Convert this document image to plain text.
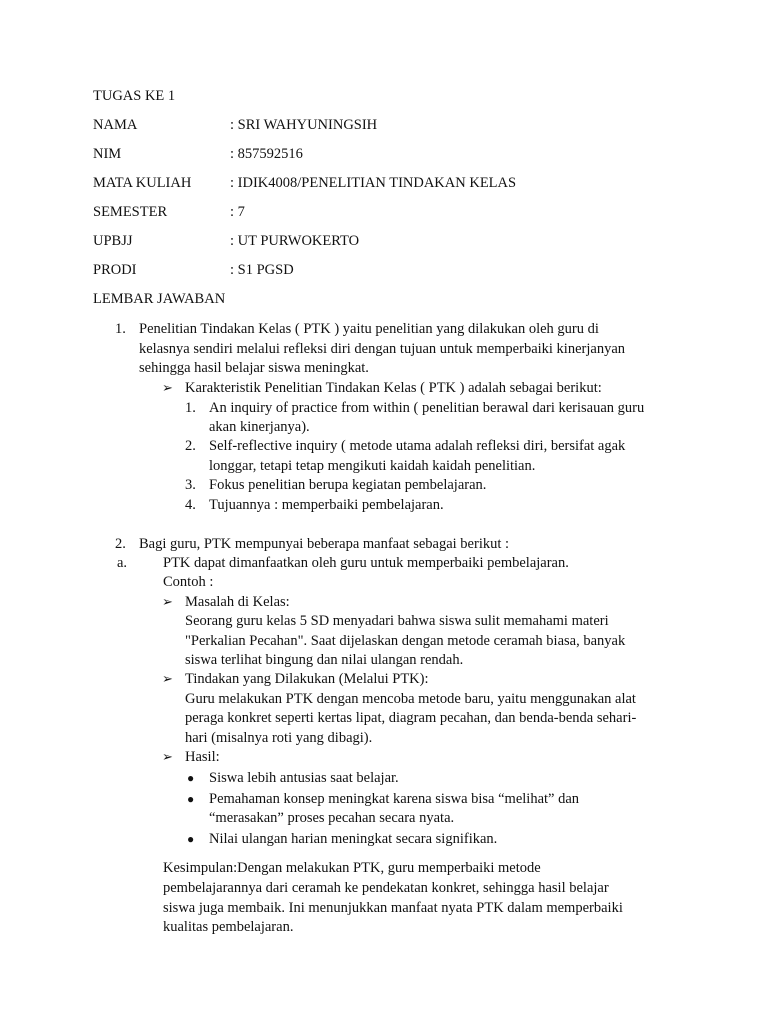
TUGAS KE 1
NAMA	: SRI WAHYUNINGSIH
NIM	: 857592516
MATA KULIAH	: IDIK4008/PENELITIAN TINDAKAN KELAS
SEMESTER	: 7
UPBJJ	: UT PURWOKERTO
PRODI	: S1 PGSD
LEMBAR JAWABAN
1. Penelitian Tindakan Kelas ( PTK ) yaitu penelitian yang dilakukan oleh guru di
kelasnya sendiri melalui refleksi diri dengan tujuan untuk memperbaiki kinerjanyan
sehingga hasil belajar siswa meningkat.
➢ Karakteristik Penelitian Tindakan Kelas ( PTK ) adalah sebagai berikut:
1. An inquiry of practice from within ( penelitian berawal dari kerisauan guru
akan kinerjanya).
2. Self-reflective inquiry ( metode utama adalah refleksi diri, bersifat agak
longgar, tetapi tetap mengikuti kaidah kaidah penelitian.
3. Fokus penelitian berupa kegiatan pembelajaran.
4. Tujuannya : memperbaiki pembelajaran.
2. Bagi guru, PTK mempunyai beberapa manfaat sebagai berikut :
a. PTK dapat dimanfaatkan oleh guru untuk memperbaiki pembelajaran.
Contoh :
➢ Masalah di Kelas:
Seorang guru kelas 5 SD menyadari bahwa siswa sulit memahami materi
"Perkalian Pecahan". Saat dijelaskan dengan metode ceramah biasa, banyak
siswa terlihat bingung dan nilai ulangan rendah.
➢ Tindakan yang Dilakukan (Melalui PTK):
Guru melakukan PTK dengan mencoba metode baru, yaitu menggunakan alat
peraga konkret seperti kertas lipat, diagram pecahan, dan benda-benda sehari-
hari (misalnya roti yang dibagi).
➢ Hasil:
● Siswa lebih antusias saat belajar.
● Pemahaman konsep meningkat karena siswa bisa “melihat” dan
“merasakan” proses pecahan secara nyata.
● Nilai ulangan harian meningkat secara signifikan.
Kesimpulan:Dengan melakukan PTK, guru memperbaiki metode
pembelajarannya dari ceramah ke pendekatan konkret, sehingga hasil belajar
siswa juga membaik. Ini menunjukkan manfaat nyata PTK dalam memperbaiki
kualitas pembelajaran.
